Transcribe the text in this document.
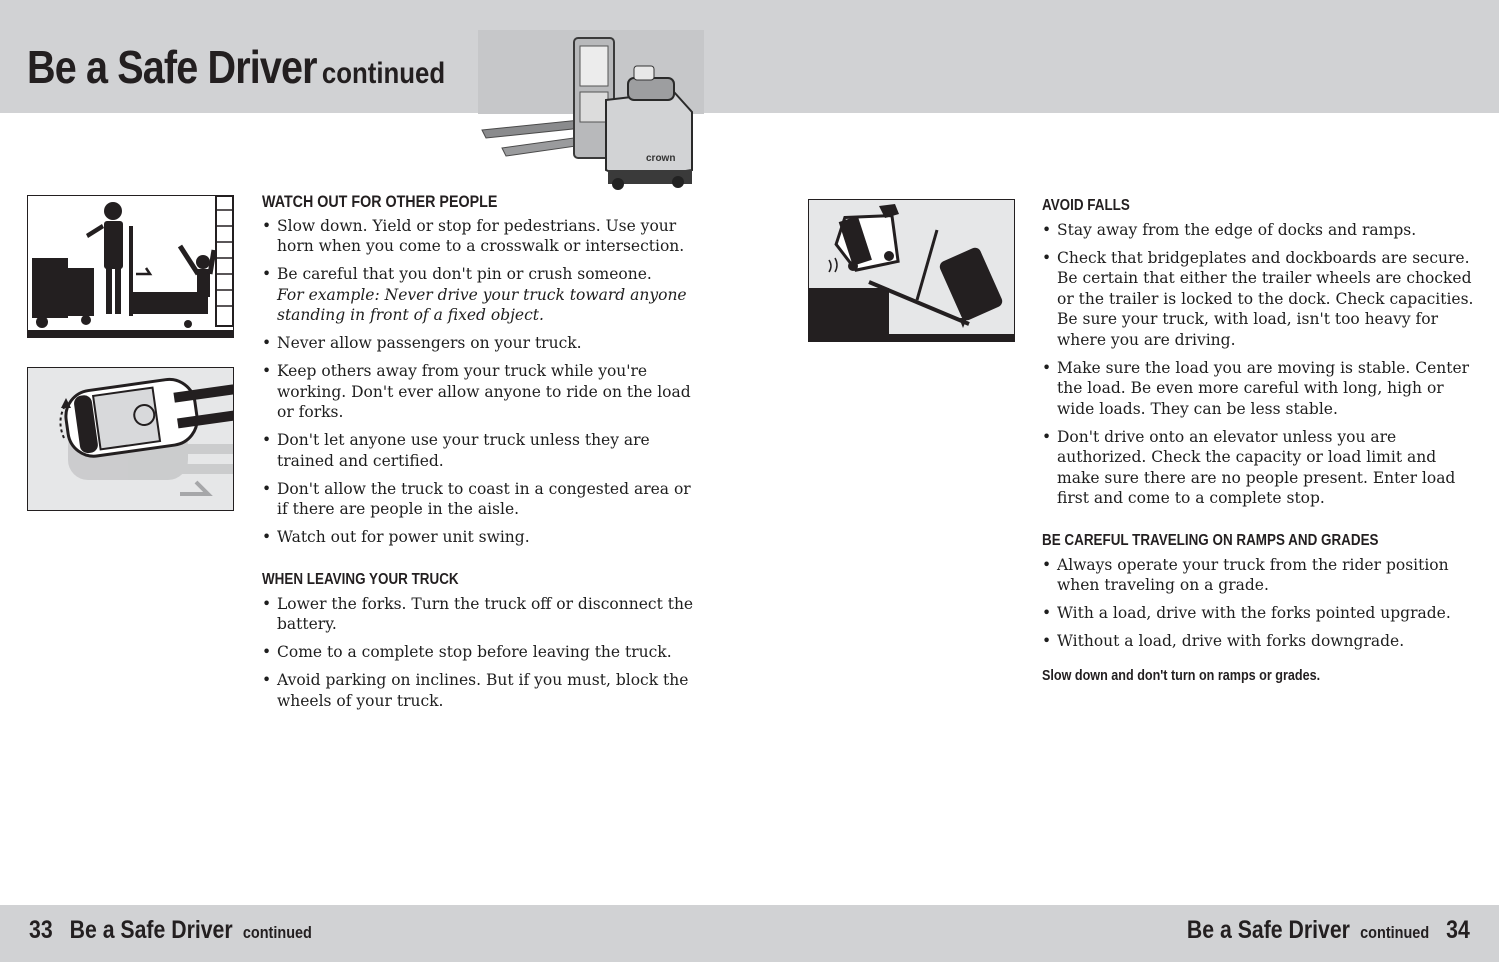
Be a Safe Driver continued
crown
WATCH OUT FOR OTHER PEOPLE
• Slow down. Yield or stop for pedestrians. Use your horn when you come to a crosswalk or intersection.
• Be careful that you don't pin or crush someone.
For example: Never drive your truck toward anyone standing in front of a fixed object.
• Never allow passengers on your truck.
• Keep others away from your truck while you're working. Don't ever allow anyone to ride on the load or forks.
• Don't let anyone use your truck unless they are trained and certified.
• Don't allow the truck to coast in a congested area or if there are people in the aisle.
• Watch out for power unit swing.
WHEN LEAVING YOUR TRUCK
• Lower the forks. Turn the truck off or disconnect the battery.
• Come to a complete stop before leaving the truck.
• Avoid parking on inclines. But if you must, block the wheels of your truck.
AVOID FALLS
• Stay away from the edge of docks and ramps.
• Check that bridgeplates and dockboards are secure. Be certain that either the trailer wheels are chocked or the trailer is locked to the dock. Check capacities. Be sure your truck, with load, isn't too heavy for where you are driving.
• Make sure the load you are moving is stable. Center the load. Be even more careful with long, high or wide loads. They can be less stable.
• Don't drive onto an elevator unless you are authorized. Check the capacity or load limit and make sure there are no people present. Enter load first and come to a complete stop.
BE CAREFUL TRAVELING ON RAMPS AND GRADES
• Always operate your truck from the rider position when traveling on a grade.
• With a load, drive with the forks pointed upgrade.
• Without a load, drive with forks downgrade.
Slow down and don't turn on ramps or grades.
33 Be a Safe Driver continued	Be a Safe Driver continued 34
